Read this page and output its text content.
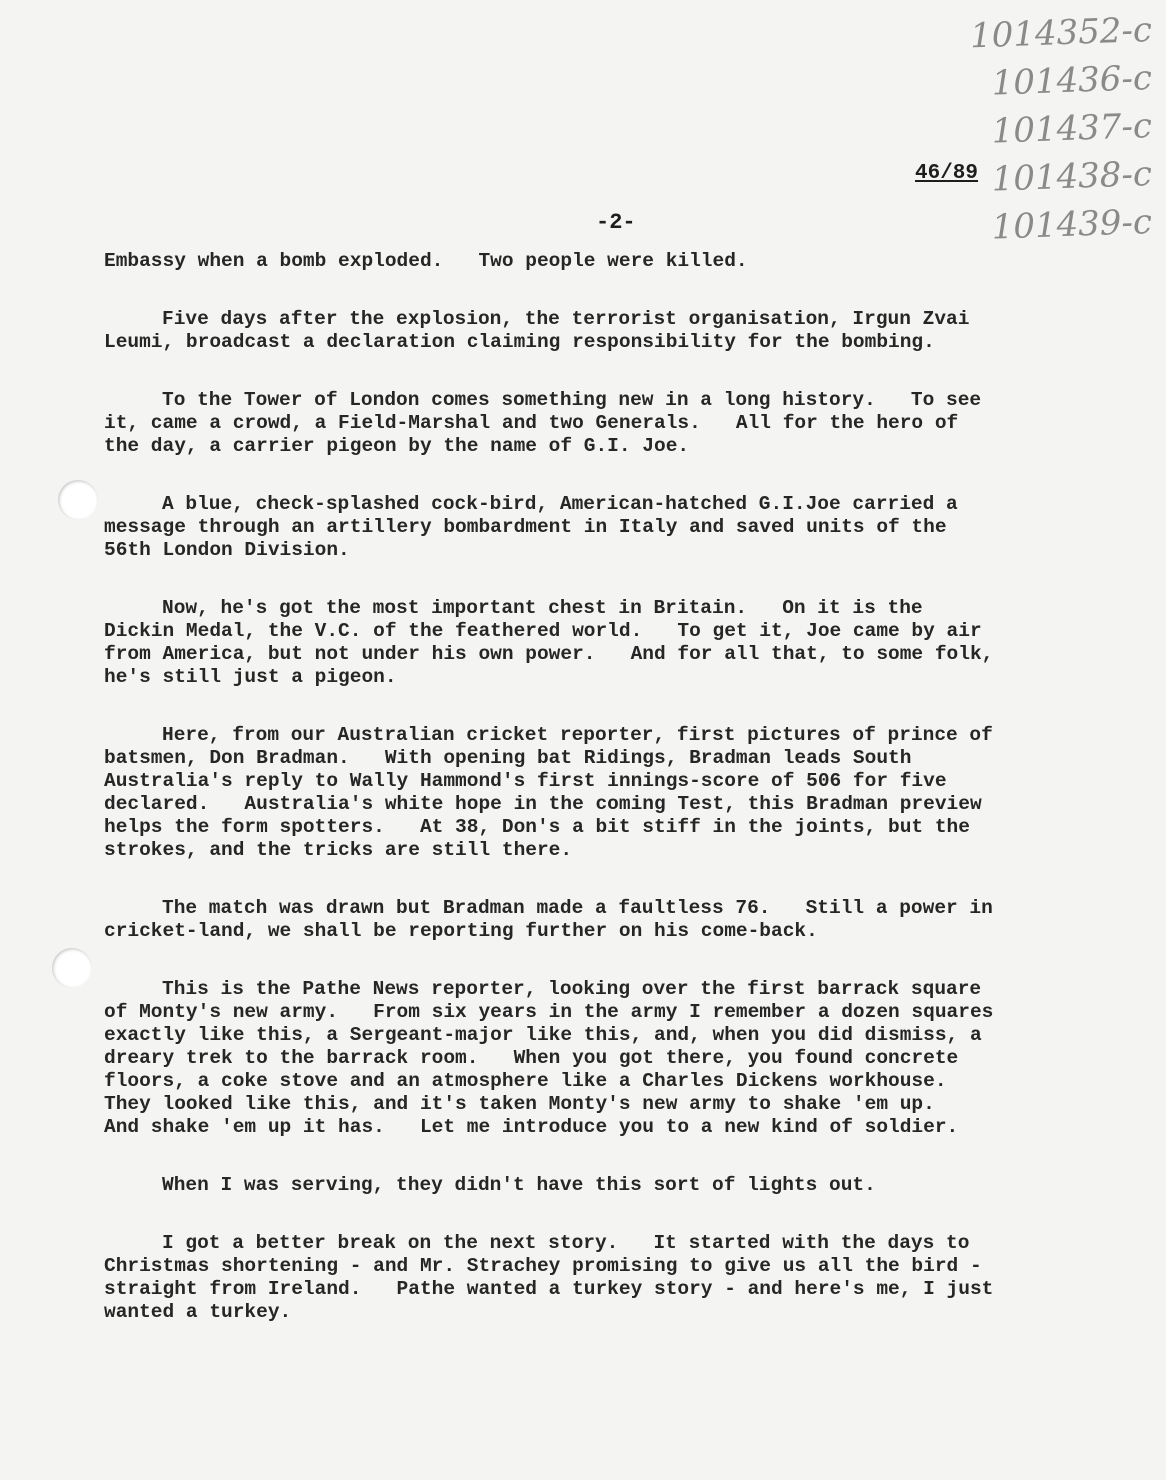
1014352-c
101436-c
101437-c
101438-c
101439-c
46/89
-2-

Embassy when a bomb exploded.   Two people were killed.

Five days after the explosion, the terrorist organisation, Irgun Zvai Leumi, broadcast a declaration claiming responsibility for the bombing.

To the Tower of London comes something new in a long history.   To see it, came a crowd, a Field-Marshal and two Generals.   All for the hero of the day, a carrier pigeon by the name of G.I. Joe.

A blue, check-splashed cock-bird, American-hatched G.I.Joe carried a message through an artillery bombardment in Italy and saved units of the 56th London Division.

Now, he's got the most important chest in Britain.   On it is the Dickin Medal, the V.C. of the feathered world.   To get it, Joe came by air from America, but not under his own power.   And for all that, to some folk, he's still just a pigeon.

Here, from our Australian cricket reporter, first pictures of prince of batsmen, Don Bradman.   With opening bat Ridings, Bradman leads South Australia's reply to Wally Hammond's first innings-score of 506 for five declared.   Australia's white hope in the coming Test, this Bradman preview helps the form spotters.   At 38, Don's a bit stiff in the joints, but the strokes, and the tricks are still there.

The match was drawn but Bradman made a faultless 76.   Still a power in cricket-land, we shall be reporting further on his come-back.

This is the Pathe News reporter, looking over the first barrack square of Monty's new army.   From six years in the army I remember a dozen squares exactly like this, a Sergeant-major like this, and, when you did dismiss, a dreary trek to the barrack room.   When you got there, you found concrete floors, a coke stove and an atmosphere like a Charles Dickens workhouse.   They looked like this, and it's taken Monty's new army to shake 'em up.   And shake 'em up it has.   Let me introduce you to a new kind of soldier.

When I was serving, they didn't have this sort of lights out.

I got a better break on the next story.   It started with the days to Christmas shortening - and Mr. Strachey promising to give us all the bird - straight from Ireland.   Pathe wanted a turkey story - and here's me, I just wanted a turkey.
